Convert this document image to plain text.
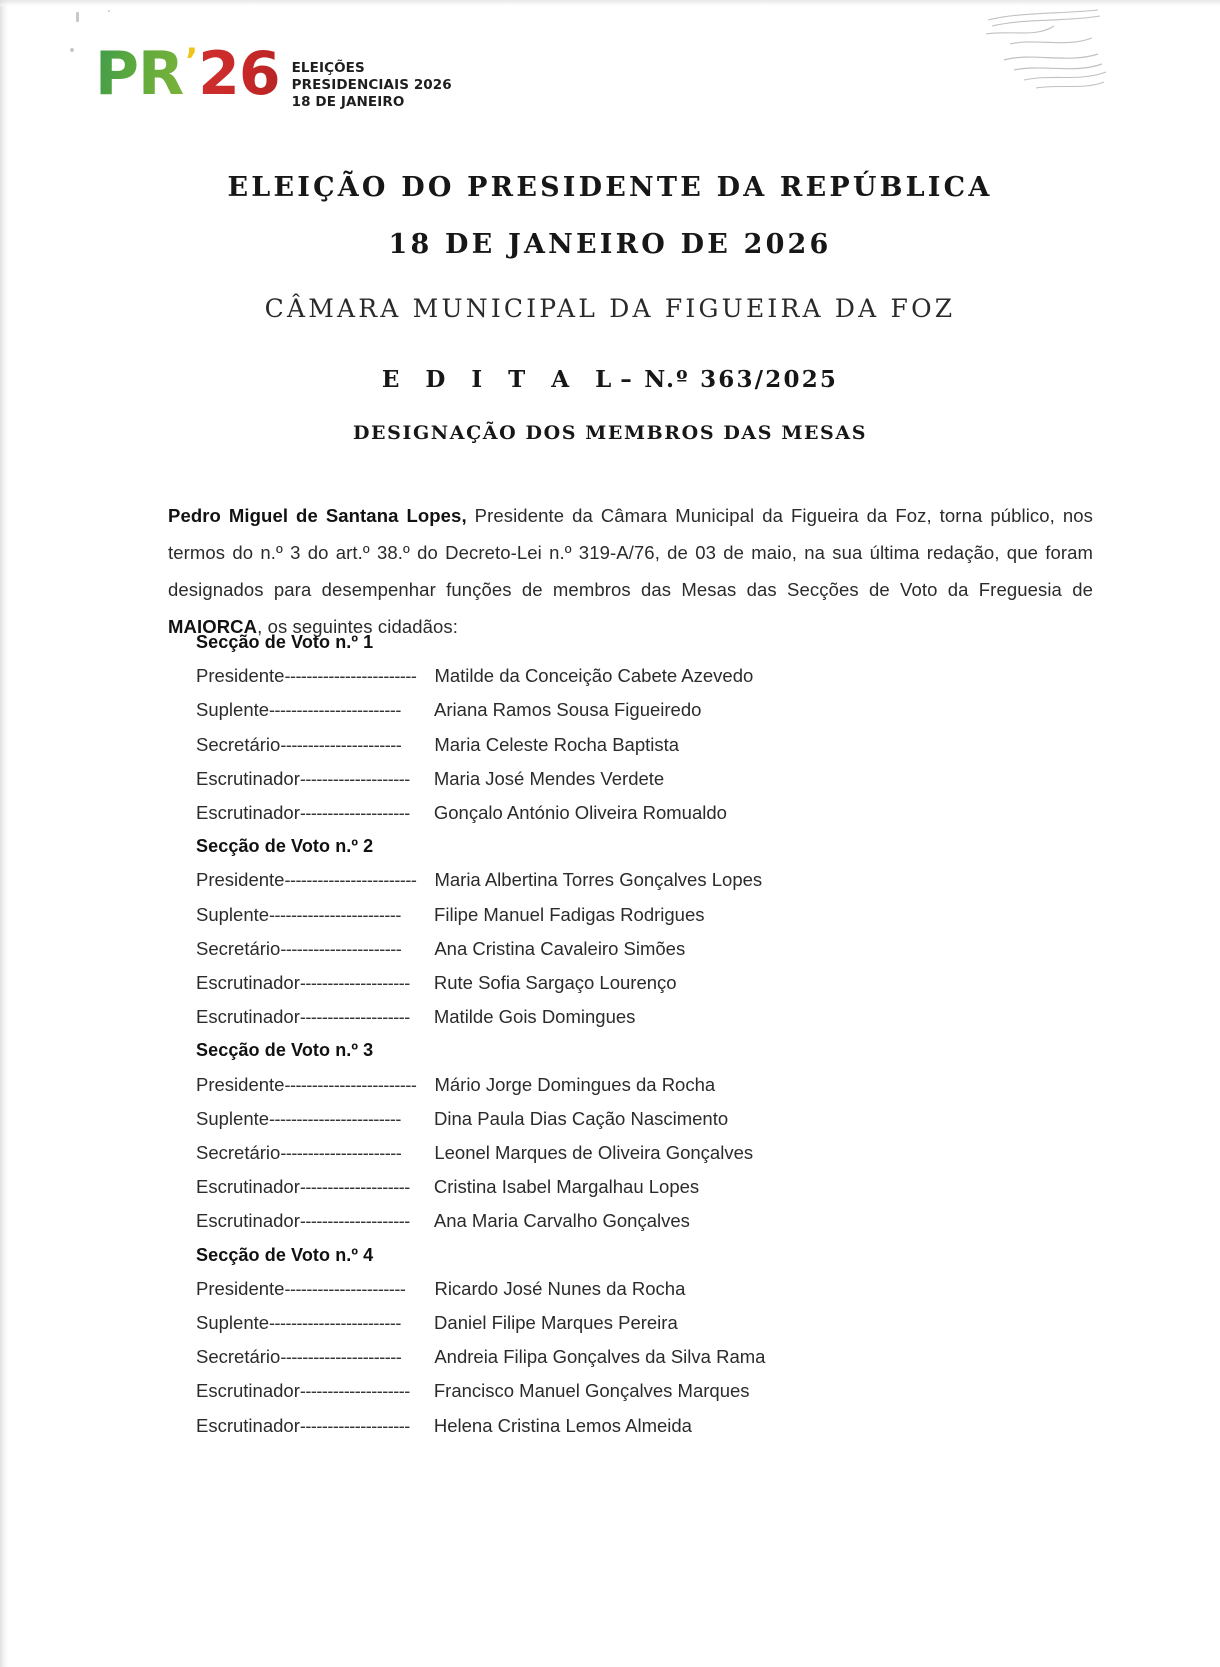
PR ’ 26 ELEIÇÕES
PRESIDENCIAIS 2026
18 DE JANEIRO
ELEIÇÃO DO PRESIDENTE DA REPÚBLICA
18 DE JANEIRO DE 2026
CÂMARA MUNICIPAL DA FIGUEIRA DA FOZ
E D I T A L– N.º 363/2025
DESIGNAÇÃO DOS MEMBROS DAS MESAS

Pedro Miguel de Santana Lopes, Presidente da Câmara Municipal da Figueira da Foz, torna público, nos termos do n.º 3 do art.º 38.º do Decreto-Lei n.º 319-A/76, de 03 de maio, na sua última redação, que foram designados para desempenhar funções de membros das Mesas das Secções de Voto da Freguesia de MAIORCA, os seguintes cidadãos:

Secção de Voto n.º 1
Presidente ------------------------ Matilde da Conceição Cabete Azevedo
Suplente ------------------------	Ariana Ramos Sousa Figueiredo
Secretário ----------------------	Maria Celeste Rocha Baptista
Escrutinador --------------------	Maria José Mendes Verdete
Escrutinador --------------------	Gonçalo António Oliveira Romualdo
Secção de Voto n.º 2
Presidente ------------------------ Maria Albertina Torres Gonçalves Lopes
Suplente ------------------------	Filipe Manuel Fadigas Rodrigues
Secretário ----------------------	Ana Cristina Cavaleiro Simões
Escrutinador --------------------	Rute Sofia Sargaço Lourenço
Escrutinador --------------------	Matilde Gois Domingues
Secção de Voto n.º 3
Presidente ------------------------ Mário Jorge Domingues da Rocha
Suplente ------------------------	Dina Paula Dias Cação Nascimento
Secretário ----------------------	Leonel Marques de Oliveira Gonçalves
Escrutinador --------------------	Cristina Isabel Margalhau Lopes
Escrutinador --------------------	Ana Maria Carvalho Gonçalves
Secção de Voto n.º 4
Presidente ----------------------	Ricardo José Nunes da Rocha
Suplente ------------------------	Daniel Filipe Marques Pereira
Secretário ----------------------	Andreia Filipa Gonçalves da Silva Rama
Escrutinador --------------------	Francisco Manuel Gonçalves Marques
Escrutinador --------------------	Helena Cristina Lemos Almeida
